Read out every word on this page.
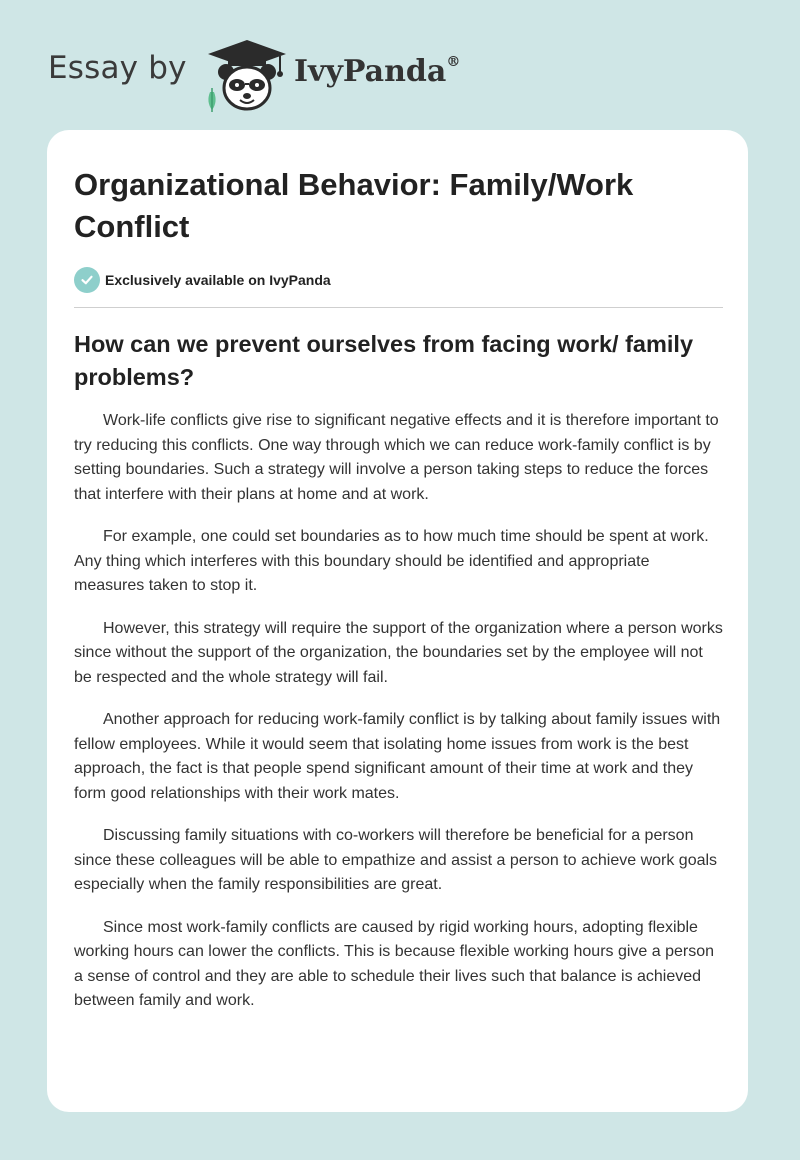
Essay by	IvyPanda®
Organizational Behavior: Family/Work Conflict
Exclusively available on IvyPanda
How can we prevent ourselves from facing work/ family problems?

Work-life conflicts give rise to significant negative effects and it is therefore important to try reducing this conflicts. One way through which we can reduce work-family conflict is by setting boundaries. Such a strategy will involve a person taking steps to reduce the forces that interfere with their plans at home and at work.

For example, one could set boundaries as to how much time should be spent at work. Any thing which interferes with this boundary should be identified and appropriate measures taken to stop it.

However, this strategy will require the support of the organization where a person works since without the support of the organization, the boundaries set by the employee will not be respected and the whole strategy will fail.

Another approach for reducing work-family conflict is by talking about family issues with fellow employees. While it would seem that isolating home issues from work is the best approach, the fact is that people spend significant amount of their time at work and they form good relationships with their work mates.

Discussing family situations with co-workers will therefore be beneficial for a person since these colleagues will be able to empathize and assist a person to achieve work goals especially when the family responsibilities are great.

Since most work-family conflicts are caused by rigid working hours, adopting flexible working hours can lower the conflicts. This is because flexible working hours give a person a sense of control and they are able to schedule their lives such that balance is achieved between family and work.
